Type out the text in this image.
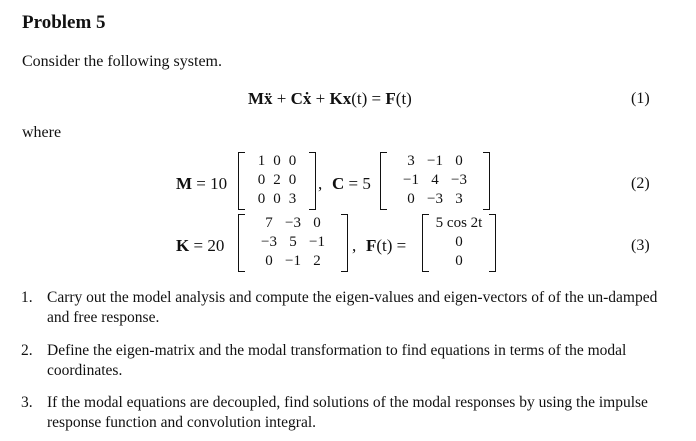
Problem 5
Consider the following system.
Mẍ + Cẋ + Kx(t) = F(t)	(1)
where
M = 10
1	0	0
0	2	0
0	0	3
, C = 5
3	−1	0
−1	4	−3
0	−3	3
(2)
K = 20
7	−3	0
−3	5	−1
0	−1	2
, F(t) =
5 cos 2t
0
0
(3)
1. Carry out the model analysis and compute the eigen-values and eigen-vectors of of the un-damped and free response.
2. Define the eigen-matrix and the modal transformation to find equations in terms of the modal coordinates.
3. If the modal equations are decoupled, find solutions of the modal responses by using the impulse response function and convolution integral.
